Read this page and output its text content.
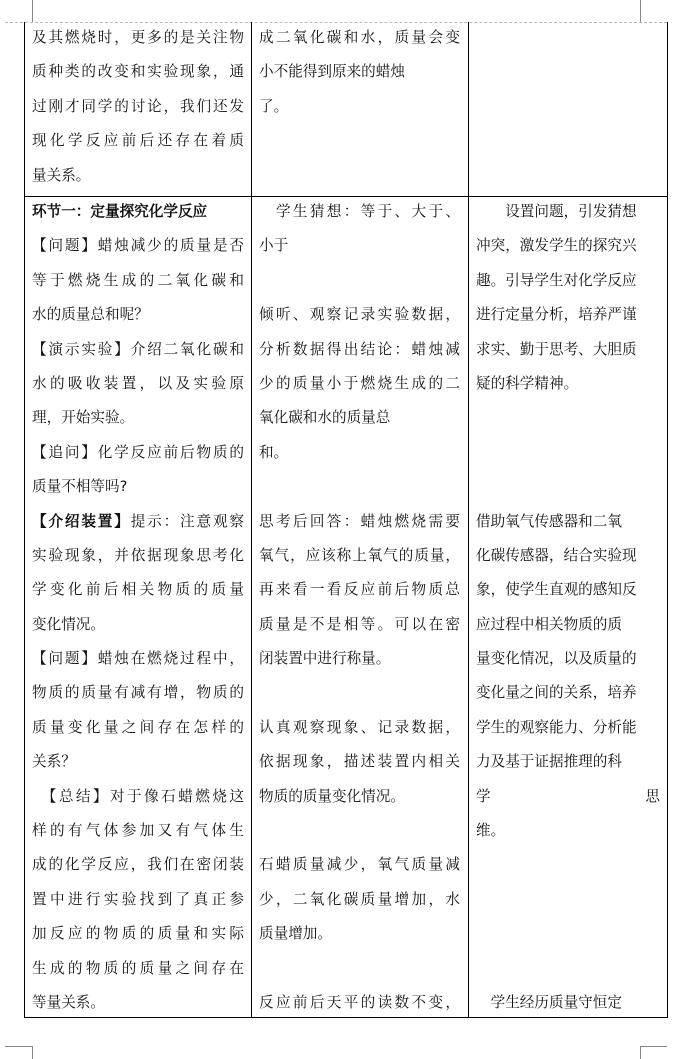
及其燃烧时，更多的是关注物
质种类的改变和实验现象，通
过刚才同学的讨论，我们还发
现化学反应前后还存在着质
量关系。
成二氧化碳和水，质量会变
小不能得到原来的蜡烛
了。
环节一：定量探究化学反应
【问题】蜡烛减少的质量是否
等于燃烧生成的二氧化碳和
水的质量总和呢？
【演示实验】介绍二氧化碳和
水的吸收装置，以及实验原
理，开始实验。
【追问】化学反应前后物质的
质量不相等吗?
【介绍装置】提示：注意观察
实验现象，并依据现象思考化
学变化前后相关物质的质量
变化情况。
【问题】蜡烛在燃烧过程中，
物质的质量有减有增，物质的
质量变化量之间存在怎样的
关系？
　【总结】对于像石蜡燃烧这
样的有气体参加又有气体生
成的化学反应，我们在密闭装
置中进行实验找到了真正参
加反应的物质的质量和实际
生成的物质的质量之间存在
等量关系。
　学生猜想：等于、大于、
小于
倾听、观察记录实验数据，
分析数据得出结论：蜡烛减
少的质量小于燃烧生成的二
氧化碳和水的质量总
和。
思考后回答：蜡烛燃烧需要
氧气，应该称上氧气的质量，
再来看一看反应前后物质总
质量是不是相等。可以在密
闭装置中进行称量。
认真观察现象、记录数据，
依据现象，描述装置内相关
物质的质量变化情况。
石蜡质量减少，氧气质量减
少，二氧化碳质量增加，水
质量增加。
反应前后天平的读数不变，
　　设置问题，引发猜想
冲突，激发学生的探究兴
趣。引导学生对化学反应
进行定量分析，培养严谨
求实、勤于思考、大胆质
疑的科学精神。
借助氧气传感器和二氧
化碳传感器，结合实验现
象，使学生直观的感知反
应过程中相关物质的质
量变化情况，以及质量的
变化量之间的关系，培养
学生的观察能力、分析能
力及基于证据推理的科
学 思
维。
　学生经历质量守恒定
